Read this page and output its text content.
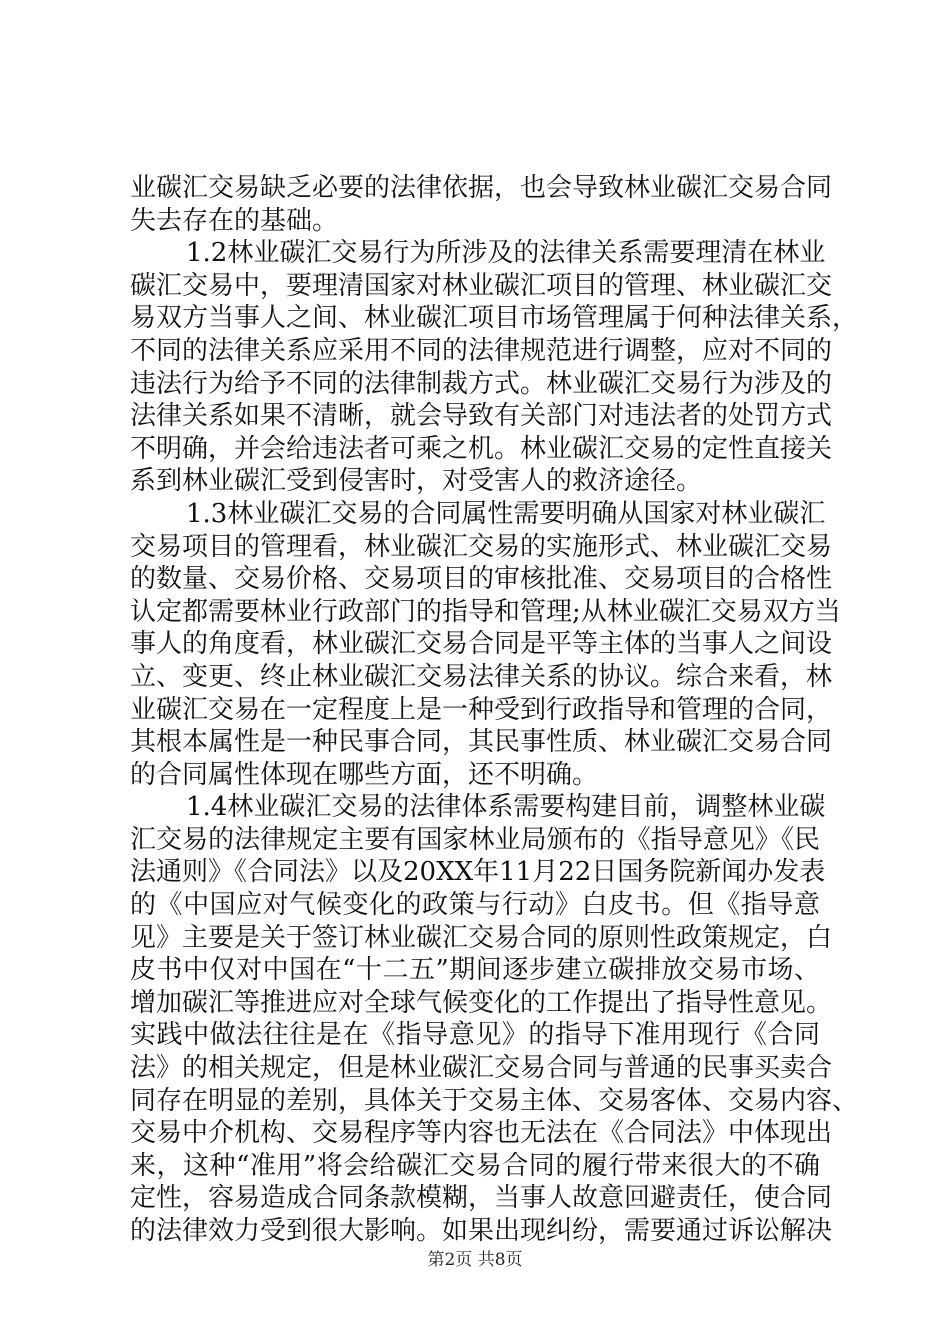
业碳汇交易缺乏必要的法律依据，也会导致林业碳汇交易合同
失去存在的基础。
1.2林业碳汇交易行为所涉及的法律关系需要理清在林业
碳汇交易中，要理清国家对林业碳汇项目的管理、林业碳汇交
易双方当事人之间、林业碳汇项目市场管理属于何种法律关系，
不同的法律关系应采用不同的法律规范进行调整，应对不同的
违法行为给予不同的法律制裁方式。林业碳汇交易行为涉及的
法律关系如果不清晰，就会导致有关部门对违法者的处罚方式
不明确，并会给违法者可乘之机。林业碳汇交易的定性直接关
系到林业碳汇受到侵害时，对受害人的救济途径。
1.3林业碳汇交易的合同属性需要明确从国家对林业碳汇
交易项目的管理看，林业碳汇交易的实施形式、林业碳汇交易
的数量、交易价格、交易项目的审核批准、交易项目的合格性
认定都需要林业行政部门的指导和管理;从林业碳汇交易双方当
事人的角度看，林业碳汇交易合同是平等主体的当事人之间设
立、变更、终止林业碳汇交易法律关系的协议。综合来看，林
业碳汇交易在一定程度上是一种受到行政指导和管理的合同，
其根本属性是一种民事合同，其民事性质、林业碳汇交易合同
的合同属性体现在哪些方面，还不明确。
1.4林业碳汇交易的法律体系需要构建目前，调整林业碳
汇交易的法律规定主要有国家林业局颁布的《指导意见》《民
法通则》《合同法》以及20XX年11月22日国务院新闻办发表
的《中国应对气候变化的政策与行动》白皮书。但《指导意
见》主要是关于签订林业碳汇交易合同的原则性政策规定，白
皮书中仅对中国在“十二五”期间逐步建立碳排放交易市场、
增加碳汇等推进应对全球气候变化的工作提出了指导性意见。
实践中做法往往是在《指导意见》的指导下准用现行《合同
法》的相关规定，但是林业碳汇交易合同与普通的民事买卖合
同存在明显的差别，具体关于交易主体、交易客体、交易内容、
交易中介机构、交易程序等内容也无法在《合同法》中体现出
来，这种“准用”将会给碳汇交易合同的履行带来很大的不确
定性，容易造成合同条款模糊，当事人故意回避责任，使合同
的法律效力受到很大影响。如果出现纠纷，需要通过诉讼解决
第2页 共8页
